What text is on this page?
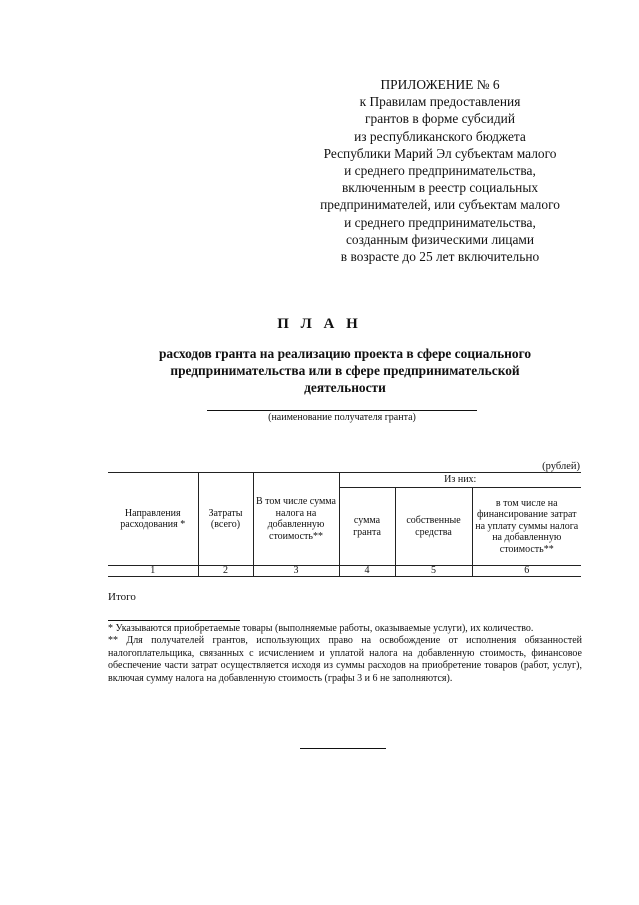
ПРИЛОЖЕНИЕ № 6
к Правилам предоставления
грантов в форме субсидий
из республиканского бюджета
Республики Марий Эл субъектам малого
и среднего предпринимательства,
включенным в реестр социальных
предпринимателей, или субъектам малого
и среднего предпринимательства,
созданным физическими лицами
в возрасте до 25 лет включительно
П Л А Н
расходов гранта на реализацию проекта в сфере социального
предпринимательства или в сфере предпринимательской
деятельности
(наименование получателя гранта)
(рублей)
Направления расходования *	Затраты (всего)	В том числе сумма налога на добавленную стоимость**	Из них:		
			сумма гранта	собственные средства	в том числе на финансирование затрат на уплату суммы налога на добавленную стоимость**
1	2	3	4	5	6
Итого

* Указываются приобретаемые товары (выполняемые работы, оказываемые услуги), их количество.

** Для получателей грантов, использующих право на освобождение от исполнения обязанностей налогоплательщика, связанных с исчислением и уплатой налога на добавленную стоимость, финансовое обеспечение части затрат осуществляется исходя из суммы расходов на приобретение товаров (работ, услуг), включая сумму налога на добавленную стоимость (графы 3 и 6 не заполняются).
